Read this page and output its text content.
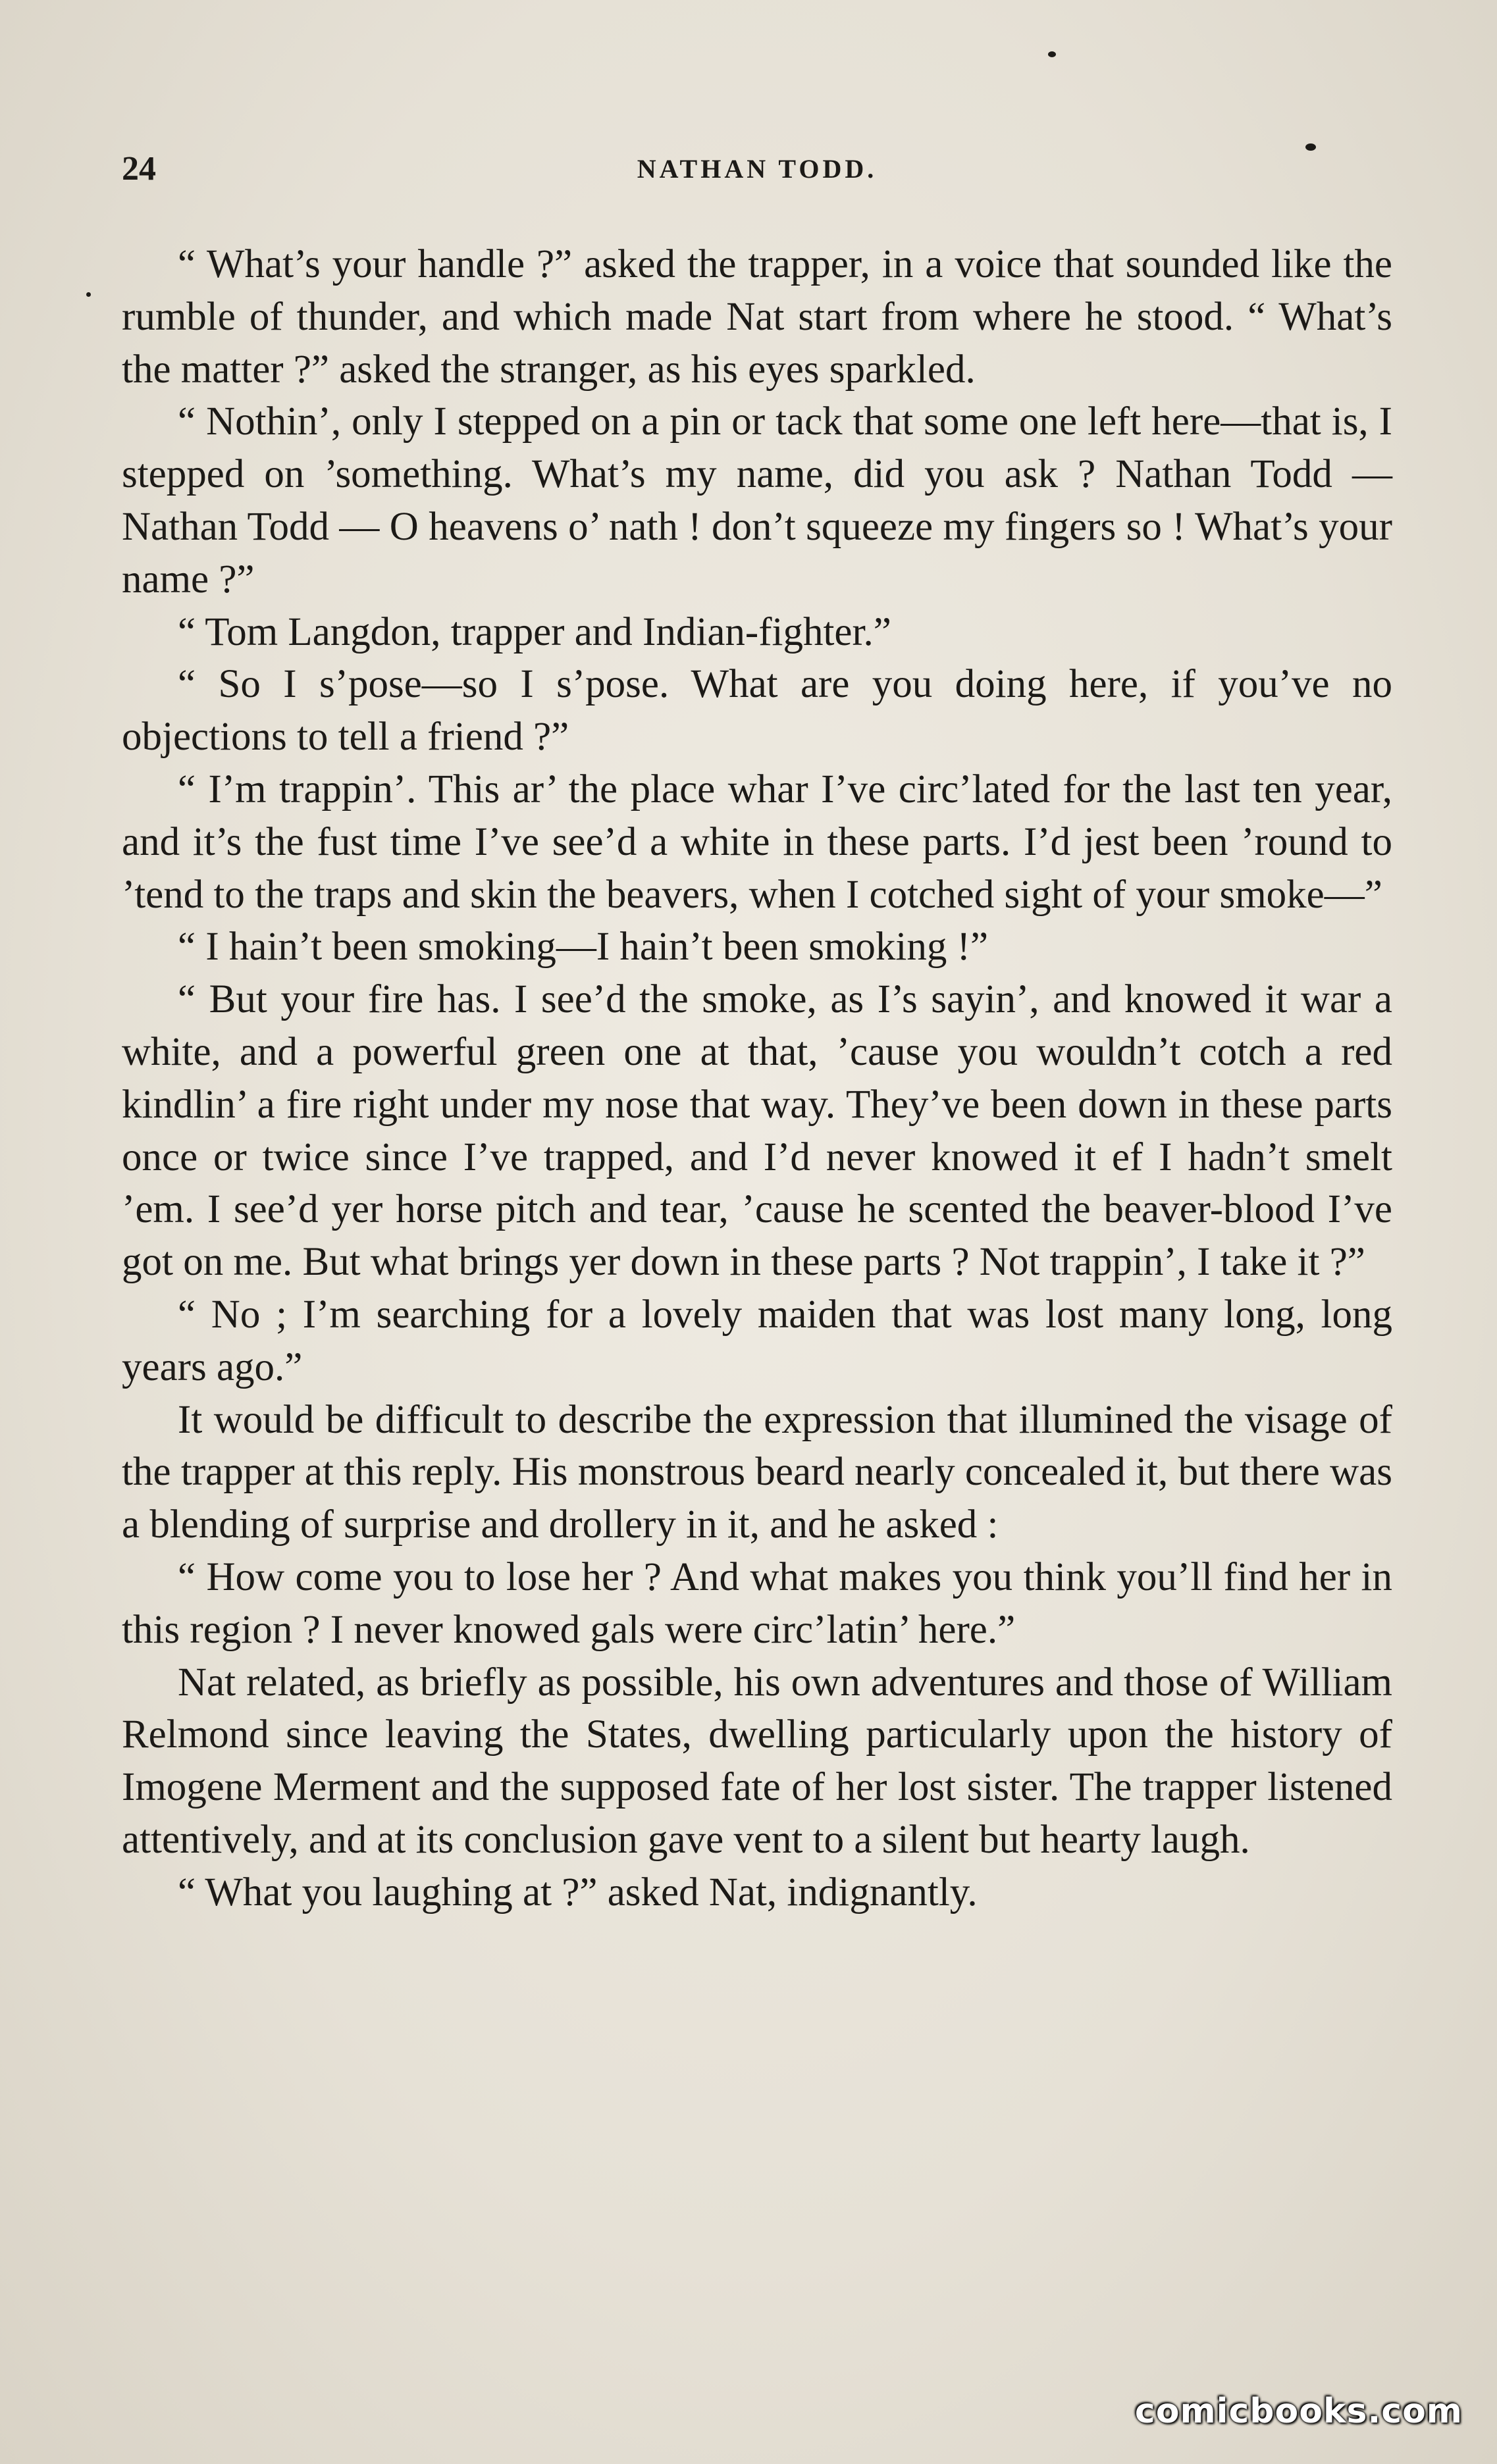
24	NATHAN TODD.

“ What’s your handle ?” asked the trapper, in a voice that sounded like the rumble of thunder, and which made Nat start from where he stood. “ What’s the matter ?” asked the stranger, as his eyes sparkled.

“ Nothin’, only I stepped on a pin or tack that some one left here—that is, I stepped on ’something. What’s my name, did you ask ? Nathan Todd — Nathan Todd — O heavens o’ nath ! don’t squeeze my fingers so ! What’s your name ?”

“ Tom Langdon, trapper and Indian-fighter.”

“ So I s’pose—so I s’pose. What are you doing here, if you’ve no objections to tell a friend ?”

“ I’m trappin’. This ar’ the place whar I’ve circ’lated for the last ten year, and it’s the fust time I’ve see’d a white in these parts. I’d jest been ’round to ’tend to the traps and skin the beavers, when I cotched sight of your smoke—”

“ I hain’t been smoking—I hain’t been smoking !”

“ But your fire has. I see’d the smoke, as I’s sayin’, and knowed it war a white, and a powerful green one at that, ’cause you wouldn’t cotch a red kindlin’ a fire right under my nose that way. They’ve been down in these parts once or twice since I’ve trapped, and I’d never knowed it ef I hadn’t smelt ’em. I see’d yer horse pitch and tear, ’cause he scented the beaver-blood I’ve got on me. But what brings yer down in these parts ? Not trappin’, I take it ?”

“ No ; I’m searching for a lovely maiden that was lost many long, long years ago.”

It would be difficult to describe the expression that illumined the visage of the trapper at this reply. His monstrous beard nearly concealed it, but there was a blending of surprise and drollery in it, and he asked :

“ How come you to lose her ? And what makes you think you’ll find her in this region ? I never knowed gals were circ’latin’ here.”

Nat related, as briefly as possible, his own adventures and those of William Relmond since leaving the States, dwelling particularly upon the history of Imogene Merment and the supposed fate of her lost sister. The trapper listened attentively, and at its conclusion gave vent to a silent but hearty laugh.

“ What you laughing at ?” asked Nat, indignantly.

comicbooks.com
